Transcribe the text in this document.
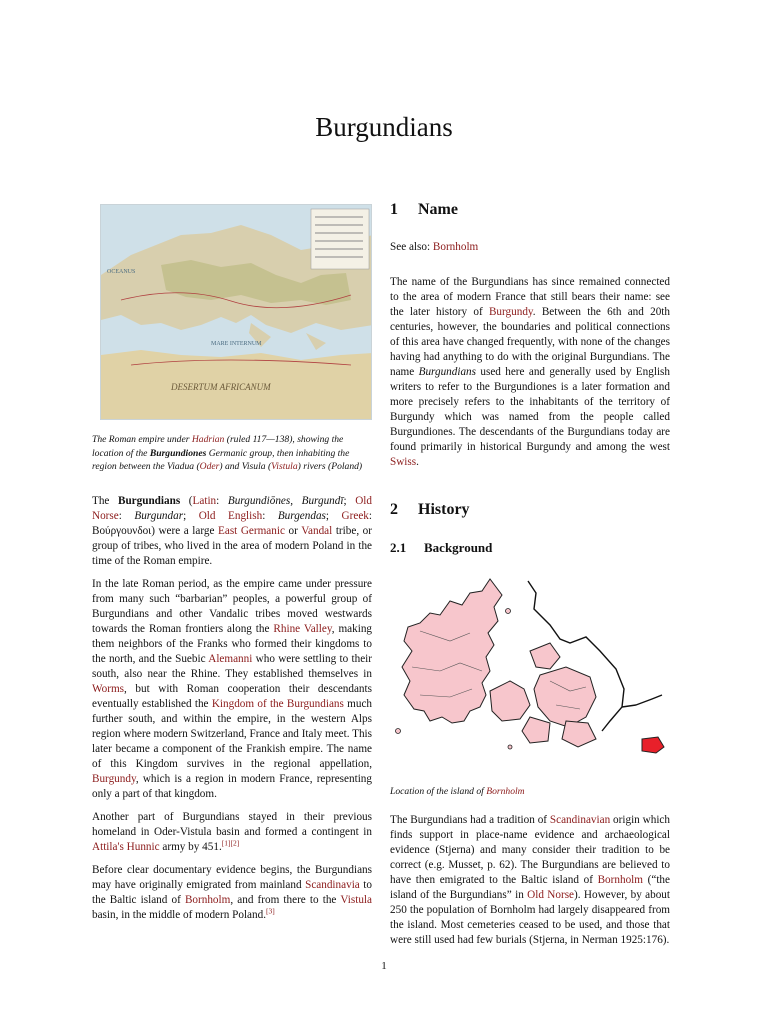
Burgundians
DESERTUM AFRICANUM
OCEANUS
MARE INTERNUM
The Roman empire under Hadrian (ruled 117—138), showing the location of the Burgundiones Germanic group, then inhabiting the region between the Viadua (Oder) and Visula (Vistula) rivers (Poland)

The Burgundians (Latin: Burgundiōnes, Burgundī; Old Norse: Burgundar; Old English: Burgendas; Greek: Βούργουνδοι) were a large East Germanic or Vandal tribe, or group of tribes, who lived in the area of modern Poland in the time of the Roman empire.

In the late Roman period, as the empire came under pressure from many such “barbarian” peoples, a powerful group of Burgundians and other Vandalic tribes moved westwards towards the Roman frontiers along the Rhine Valley, making them neighbors of the Franks who formed their kingdoms to the north, and the Suebic Alemanni who were settling to their south, also near the Rhine. They established themselves in Worms, but with Roman cooperation their descendants eventually established the Kingdom of the Burgundians much further south, and within the empire, in the western Alps region where modern Switzerland, France and Italy meet. This later became a component of the Frankish empire. The name of this Kingdom survives in the regional appellation, Burgundy, which is a region in modern France, representing only a part of that kingdom.

Another part of Burgundians stayed in their previous homeland in Oder-Vistula basin and formed a contingent in Attila's Hunnic army by 451.[1][2]

Before clear documentary evidence begins, the Burgundians may have originally emigrated from mainland Scandinavia to the Baltic island of Bornholm, and from there to the Vistula basin, in the middle of modern Poland.[3]

1 Name

See also: Bornholm

The name of the Burgundians has since remained connected to the area of modern France that still bears their name: see the later history of Burgundy. Between the 6th and 20th centuries, however, the boundaries and political connections of this area have changed frequently, with none of the changes having had anything to do with the original Burgundians. The name Burgundians used here and generally used by English writers to refer to the Burgundiones is a later formation and more precisely refers to the inhabitants of the territory of Burgundy which was named from the people called Burgundiones. The descendants of the Burgundians today are found primarily in historical Burgundy and among the west Swiss.

2 History
2.1 Background
Location of the island of Bornholm

The Burgundians had a tradition of Scandinavian origin which finds support in place-name evidence and archaeological evidence (Stjerna) and many consider their tradition to be correct (e.g. Musset, p. 62). The Burgundians are believed to have then emigrated to the Baltic island of Bornholm (“the island of the Burgundians” in Old Norse). However, by about 250 the population of Bornholm had largely disappeared from the island. Most cemeteries ceased to be used, and those that were still used had few burials (Stjerna, in Nerman 1925:176).

1
